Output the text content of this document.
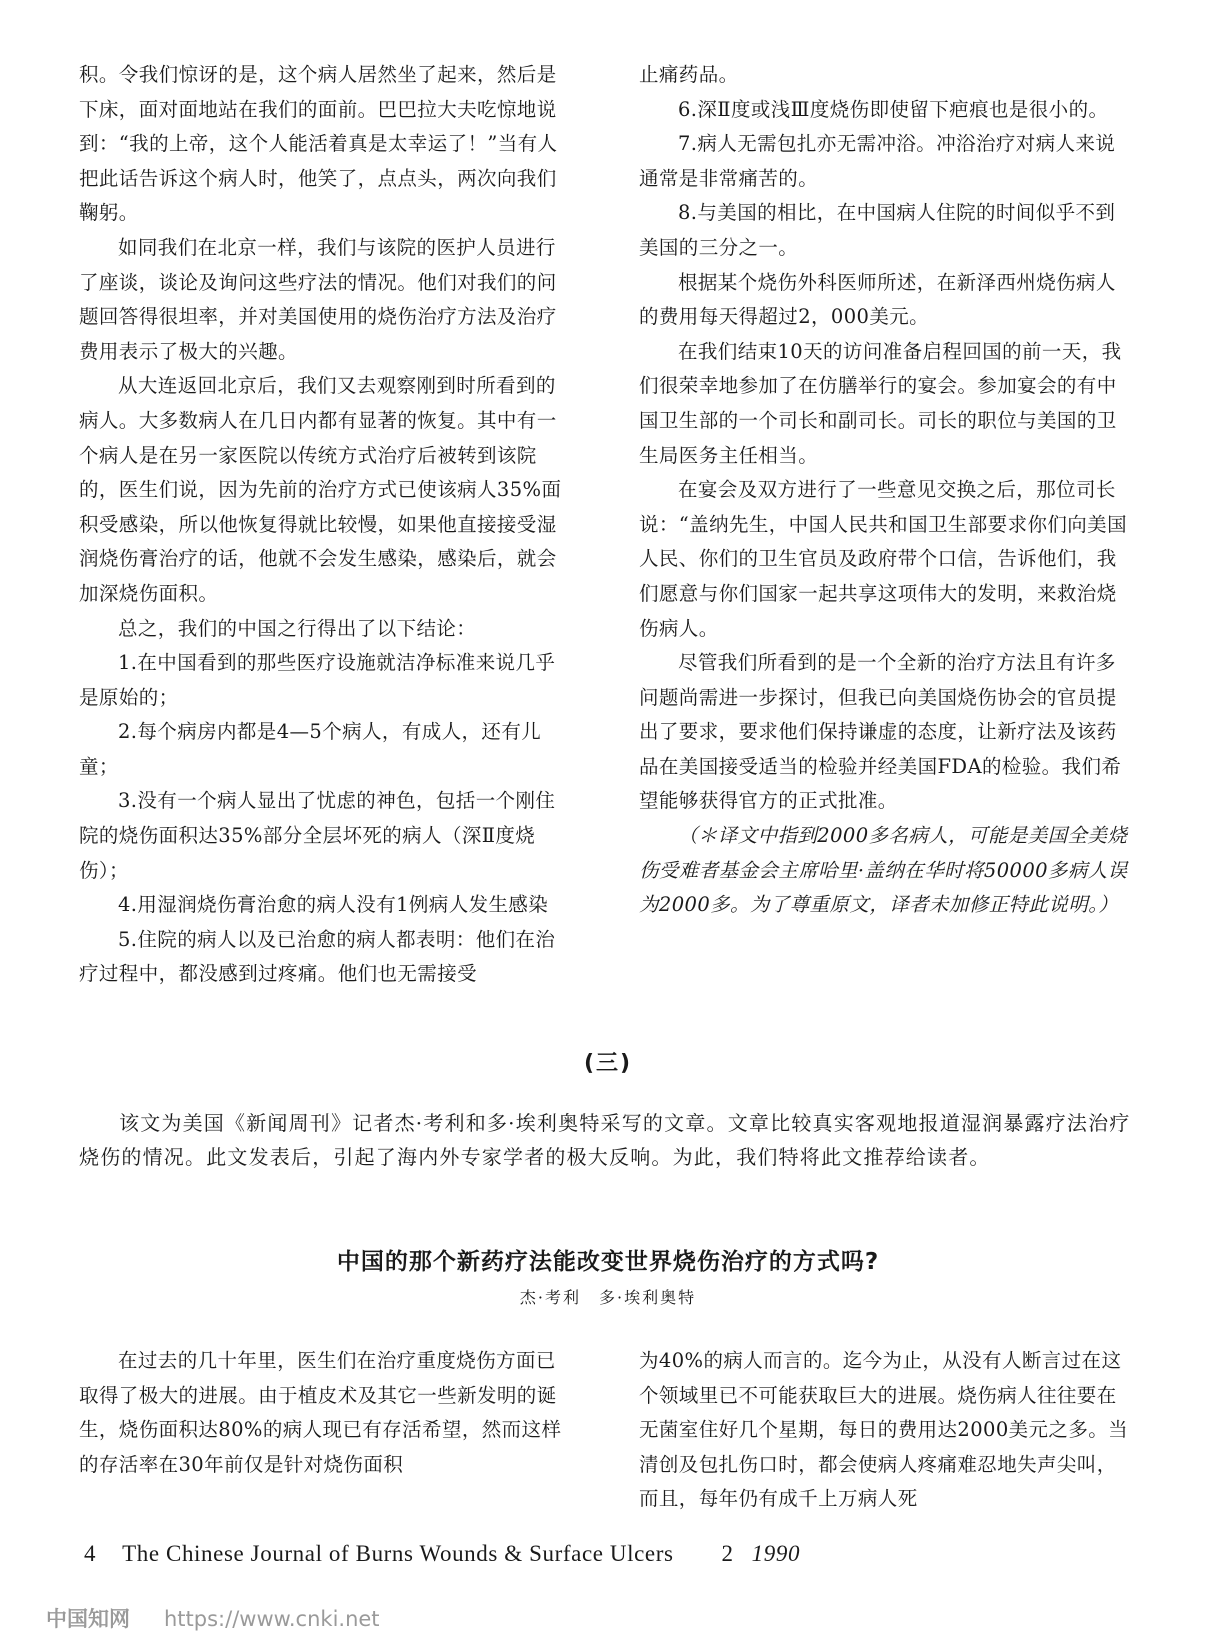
积。令我们惊讶的是，这个病人居然坐了起来，然后是下床，面对面地站在我们的面前。巴巴拉大夫吃惊地说到：“我的上帝，这个人能活着真是太幸运了！”当有人把此话告诉这个病人时，他笑了，点点头，两次向我们鞠躬。

如同我们在北京一样，我们与该院的医护人员进行了座谈，谈论及询问这些疗法的情况。他们对我们的问题回答得很坦率，并对美国使用的烧伤治疗方法及治疗费用表示了极大的兴趣。

从大连返回北京后，我们又去观察刚到时所看到的病人。大多数病人在几日内都有显著的恢复。其中有一个病人是在另一家医院以传统方式治疗后被转到该院的，医生们说，因为先前的治疗方式已使该病人35%面积受感染，所以他恢复得就比较慢，如果他直接接受湿润烧伤膏治疗的话，他就不会发生感染，感染后，就会加深烧伤面积。

总之，我们的中国之行得出了以下结论：

1.在中国看到的那些医疗设施就洁净标准来说几乎是原始的；

2.每个病房内都是4—5个病人，有成人，还有儿童；

3.没有一个病人显出了忧虑的神色，包括一个刚住院的烧伤面积达35%部分全层坏死的病人（深Ⅱ度烧伤）；

4.用湿润烧伤膏治愈的病人没有1例病人发生感染

5.住院的病人以及已治愈的病人都表明：他们在治疗过程中，都没感到过疼痛。他们也无需接受

止痛药品。

6.深Ⅱ度或浅Ⅲ度烧伤即使留下疤痕也是很小的。

7.病人无需包扎亦无需冲浴。冲浴治疗对病人来说通常是非常痛苦的。

8.与美国的相比，在中国病人住院的时间似乎不到美国的三分之一。

根据某个烧伤外科医师所述，在新泽西州烧伤病人的费用每天得超过2，000美元。

在我们结束10天的访问准备启程回国的前一天，我们很荣幸地参加了在仿膳举行的宴会。参加宴会的有中国卫生部的一个司长和副司长。司长的职位与美国的卫生局医务主任相当。

在宴会及双方进行了一些意见交换之后，那位司长说：“盖纳先生，中国人民共和国卫生部要求你们向美国人民、你们的卫生官员及政府带个口信，告诉他们，我们愿意与你们国家一起共享这项伟大的发明，来救治烧伤病人。

尽管我们所看到的是一个全新的治疗方法且有许多问题尚需进一步探讨，但我已向美国烧伤协会的官员提出了要求，要求他们保持谦虚的态度，让新疗法及该药品在美国接受适当的检验并经美国FDA的检验。我们希望能够获得官方的正式批准。

（＊译文中指到2000多名病人，可能是美国全美烧伤受难者基金会主席哈里·盖纳在华时将50000多病人误为2000多。为了尊重原文，译者未加修正特此说明。）

(三)

该文为美国《新闻周刊》记者杰·考利和多·埃利奥特采写的文章。文章比较真实客观地报道湿润暴露疗法治疗烧伤的情况。此文发表后，引起了海内外专家学者的极大反响。为此，我们特将此文推荐给读者。

中国的那个新药疗法能改变世界烧伤治疗的方式吗?
杰·考利　多·埃利奥特

在过去的几十年里，医生们在治疗重度烧伤方面已取得了极大的进展。由于植皮术及其它一些新发明的诞生，烧伤面积达80%的病人现已有存活希望，然而这样的存活率在30年前仅是针对烧伤面积

为40%的病人而言的。迄今为止，从没有人断言过在这个领域里已不可能获取巨大的进展。烧伤病人往往要在无菌室住好几个星期，每日的费用达2000美元之多。当清创及包扎伤口时，都会使病人疼痛难忍地失声尖叫，而且，每年仍有成千上万病人死

4 The Chinese Journal of Burns Wounds & Surface Ulcers 2 1990
中国知网 https://www.cnki.net
